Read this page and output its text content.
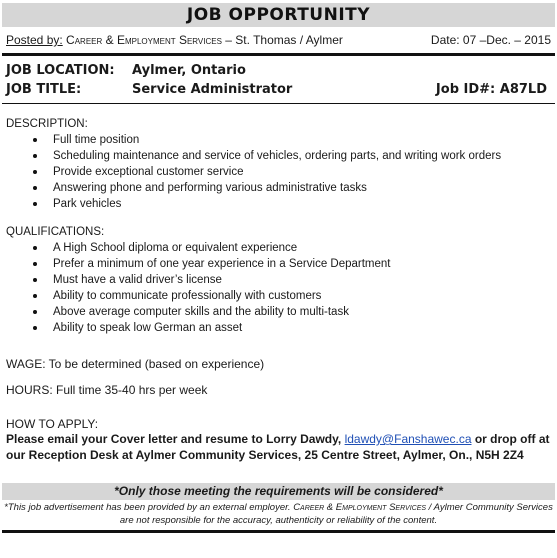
JOB OPPORTUNITY
Posted by: Career & Employment Services – St. Thomas / Aylmer	Date: 07 –Dec. – 2015
JOB LOCATION:	Aylmer, Ontario
JOB TITLE:	Service Administrator	Job ID#: A87LD
DESCRIPTION:
Full time position
Scheduling maintenance and service of vehicles, ordering parts, and writing work orders
Provide exceptional customer service
Answering phone and performing various administrative tasks
Park vehicles
QUALIFICATIONS:
A High School diploma or equivalent experience
Prefer a minimum of one year experience in a Service Department
Must have a valid driver’s license
Ability to communicate professionally with customers
Above average computer skills and the ability to multi-task
Ability to speak low German an asset
WAGE: To be determined (based on experience)
HOURS: Full time 35-40 hrs per week
HOW TO APPLY:
Please email your Cover letter and resume to Lorry Dawdy, ldawdy@Fanshawec.ca or drop off at our Reception Desk at Aylmer Community Services, 25 Centre Street, Aylmer, On., N5H 2Z4
*Only those meeting the requirements will be considered*
*This job advertisement has been provided by an external employer. Career & Employment Services / Aylmer Community Services are not responsible for the accuracy, authenticity or reliability of the content.
